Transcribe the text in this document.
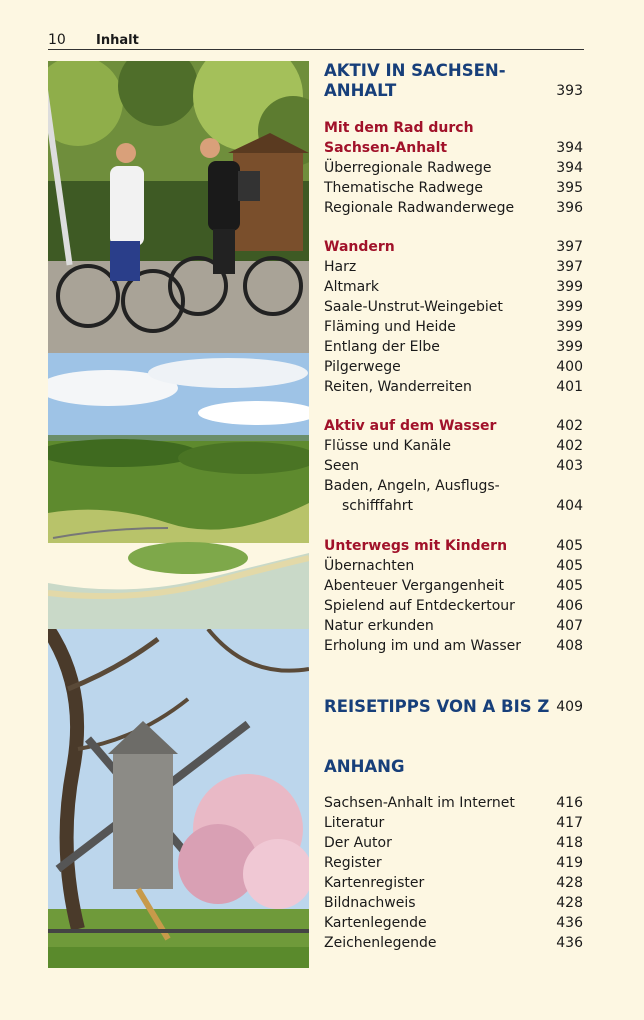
10 Inhalt
AKTIV IN SACHSEN-
ANHALT	393
Mit dem Rad durch
Sachsen-Anhalt	394
Überregionale Radwege	394
Thematische Radwege	395
Regionale Radwanderwege	396
Wandern	397
Harz	397
Altmark	399
Saale-Unstrut-Weingebiet	399
Fläming und Heide	399
Entlang der Elbe	399
Pilgerwege	400
Reiten, Wanderreiten	401
Aktiv auf dem Wasser	402
Flüsse und Kanäle	402
Seen	403
Baden, Angeln, Ausflugs-
schifffahrt	404
Unterwegs mit Kindern	405
Übernachten	405
Abenteuer Vergangenheit	405
Spielend auf Entdeckertour	406
Natur erkunden	407
Erholung im und am Wasser	408
REISETIPPS VON A BIS Z 409
ANHANG
Sachsen-Anhalt im Internet	416
Literatur	417
Der Autor	418
Register	419
Kartenregister	428
Bildnachweis	428
Kartenlegende	436
Zeichenlegende	436
